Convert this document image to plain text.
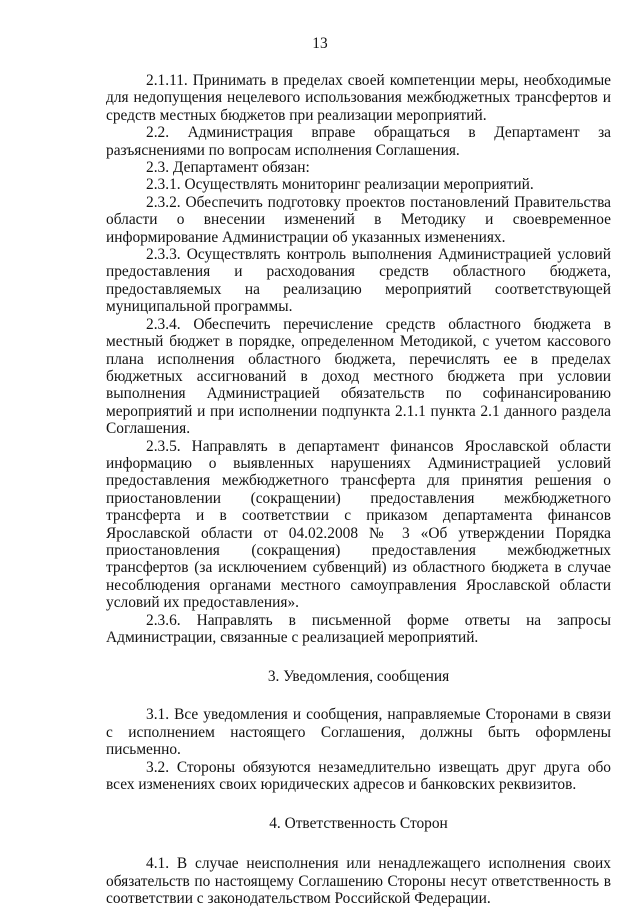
13

2.1.11. Принимать в пределах своей компетенции меры, необходимые для недопущения нецелевого использования межбюджетных трансфертов и средств местных бюджетов при реализации мероприятий.

2.2. Администрация вправе обращаться в Департамент за разъяснениями по вопросам исполнения Соглашения.

2.3. Департамент обязан:

2.3.1. Осуществлять мониторинг реализации мероприятий.

2.3.2. Обеспечить подготовку проектов постановлений Правительства области о внесении изменений в Методику и своевременное информирование Администрации об указанных изменениях.

2.3.3. Осуществлять контроль выполнения Администрацией условий предоставления и расходования средств областного бюджета, предоставляемых на реализацию мероприятий соответствующей муниципальной программы.

2.3.4. Обеспечить перечисление средств областного бюджета в местный бюджет в порядке, определенном Методикой, с учетом кассового плана исполнения областного бюджета, перечислять ее в пределах бюджетных ассигнований в доход местного бюджета при условии выполнения Администрацией обязательств по софинансированию мероприятий и при исполнении подпункта 2.1.1 пункта 2.1 данного раздела Соглашения.

2.3.5. Направлять в департамент финансов Ярославской области информацию о выявленных нарушениях Администрацией условий предоставления межбюджетного трансферта для принятия решения о приостановлении (сокращении) предоставления межбюджетного трансферта и в соответствии с приказом департамента финансов Ярославской области от 04.02.2008 № 3 «Об утверждении Порядка приостановления (сокращения) предоставления межбюджетных трансфертов (за исключением субвенций) из областного бюджета в случае несоблюдения органами местного самоуправления Ярославской области условий их предоставления».

2.3.6. Направлять в письменной форме ответы на запросы Администрации, связанные с реализацией мероприятий.

3. Уведомления, сообщения

3.1. Все уведомления и сообщения, направляемые Сторонами в связи с исполнением настоящего Соглашения, должны быть оформлены письменно.

3.2. Стороны обязуются незамедлительно извещать друг друга обо всех изменениях своих юридических адресов и банковских реквизитов.

4. Ответственность Сторон

4.1. В случае неисполнения или ненадлежащего исполнения своих обязательств по настоящему Соглашению Стороны несут ответственность в соответствии с законодательством Российской Федерации.
